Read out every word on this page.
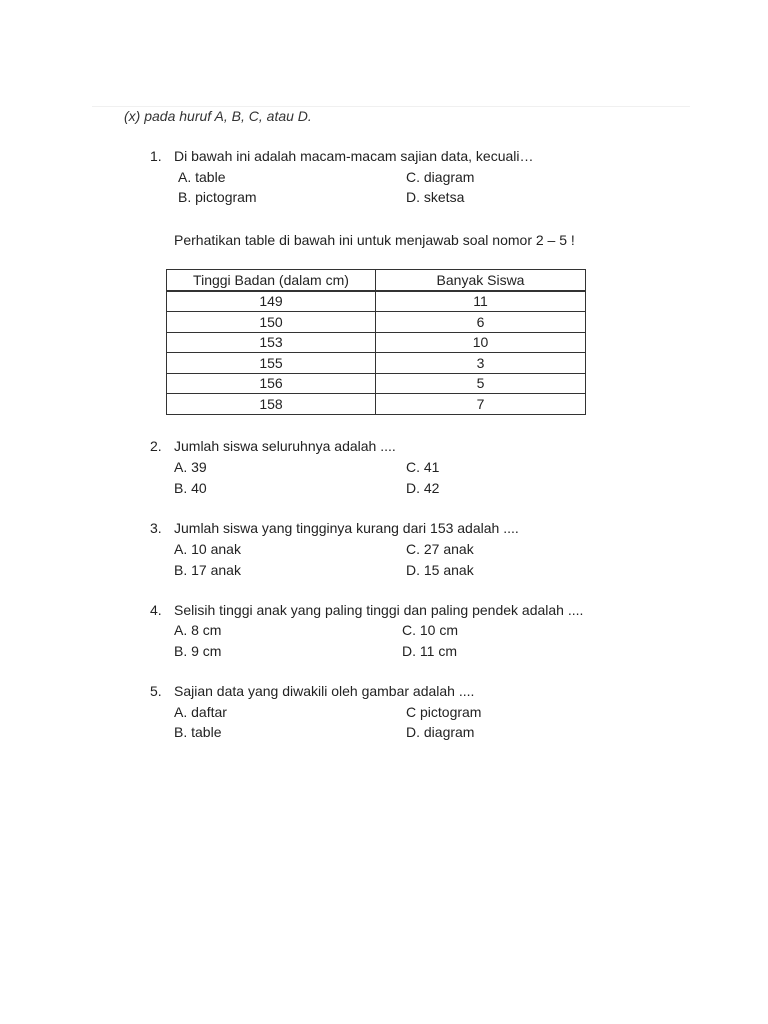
(x) pada huruf A, B, C, atau D.
1. Di bawah ini adalah macam-macam sajian data, kecuali…
A. table	C. diagram
B. pictogram	D. sketsa
Perhatikan table di bawah ini untuk menjawab soal nomor 2 – 5 !
Tinggi Badan (dalam cm)	Banyak Siswa
149	11
150	6
153	10
155	3
156	5
158	7
2. Jumlah siswa seluruhnya adalah ....
A. 39	C. 41
B. 40	D. 42
3. Jumlah siswa yang tingginya kurang dari 153 adalah ....
A. 10 anak	C. 27 anak
B. 17 anak	D. 15 anak
4. Selisih tinggi anak yang paling tinggi dan paling pendek adalah ....
A. 8 cm	C. 10 cm
B. 9 cm	D. 11 cm
5. Sajian data yang diwakili oleh gambar adalah ....
A. daftar	C pictogram
B. table	D. diagram
